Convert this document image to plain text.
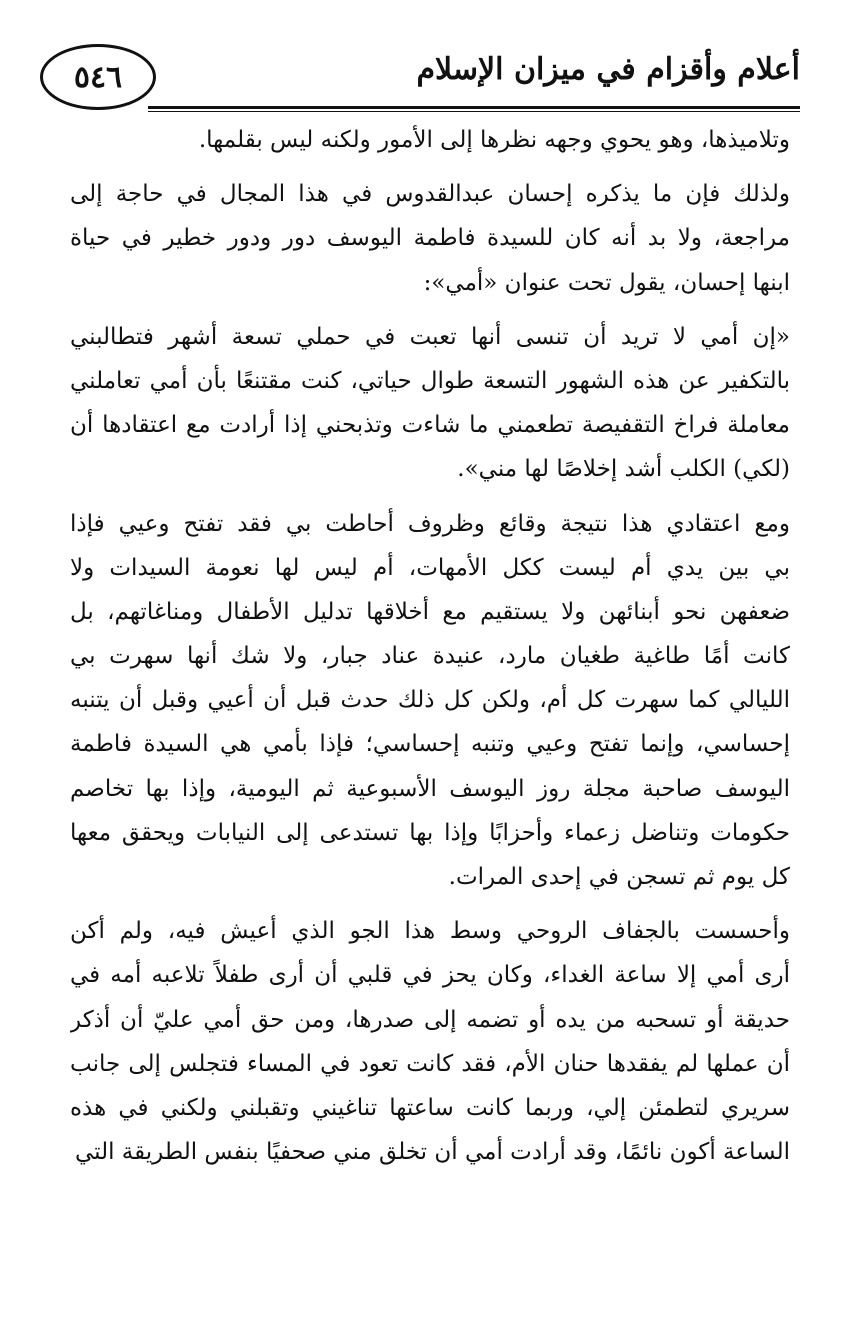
٥٤٦	أعلام وأقزام في ميزان الإسلام
وتلاميذها، وهو يحوي وجهه نظرها إلى الأمور ولكنه ليس بقلمها.
ولذلك فإن ما يذكره إحسان عبدالقدوس في هذا المجال في حاجة إلى
مراجعة، ولا بد أنه كان للسيدة فاطمة اليوسف دور ودور خطير في حياة
ابنها إحسان، يقول تحت عنوان «أمي»:
«إن أمي لا تريد أن تنسى أنها تعبت في حملي تسعة أشهر فتطالبني
بالتكفير عن هذه الشهور التسعة طوال حياتي، كنت مقتنعًا بأن أمي تعاملني
معاملة فراخ التقفيصة تطعمني ما شاءت وتذبحني إذا أرادت مع اعتقادها أن
(لكي) الكلب أشد إخلاصًا لها مني».
ومع اعتقادي هذا نتيجة وقائع وظروف أحاطت بي فقد تفتح وعيي فإذا
بي بين يدي أم ليست ككل الأمهات، أم ليس لها نعومة السيدات ولا
ضعفهن نحو أبنائهن ولا يستقيم مع أخلاقها تدليل الأطفال ومناغاتهم، بل
كانت أمًا طاغية طغيان مارد، عنيدة عناد جبار، ولا شك أنها سهرت بي
الليالي كما سهرت كل أم، ولكن كل ذلك حدث قبل أن أعيي وقبل أن يتنبه
إحساسي، وإنما تفتح وعيي وتنبه إحساسي؛ فإذا بأمي هي السيدة فاطمة
اليوسف صاحبة مجلة روز اليوسف الأسبوعية ثم اليومية، وإذا بها تخاصم
حكومات وتناضل زعماء وأحزابًا وإذا بها تستدعى إلى النيابات ويحقق معها
كل يوم ثم تسجن في إحدى المرات.
وأحسست بالجفاف الروحي وسط هذا الجو الذي أعيش فيه، ولم أكن
أرى أمي إلا ساعة الغداء، وكان يحز في قلبي أن أرى طفلاً تلاعبه أمه في
حديقة أو تسحبه من يده أو تضمه إلى صدرها، ومن حق أمي عليّ أن أذكر
أن عملها لم يفقدها حنان الأم، فقد كانت تعود في المساء فتجلس إلى جانب
سريري لتطمئن إلي، وربما كانت ساعتها تناغيني وتقبلني ولكني في هذه
الساعة أكون نائمًا، وقد أرادت أمي أن تخلق مني صحفيًا بنفس الطريقة التي
